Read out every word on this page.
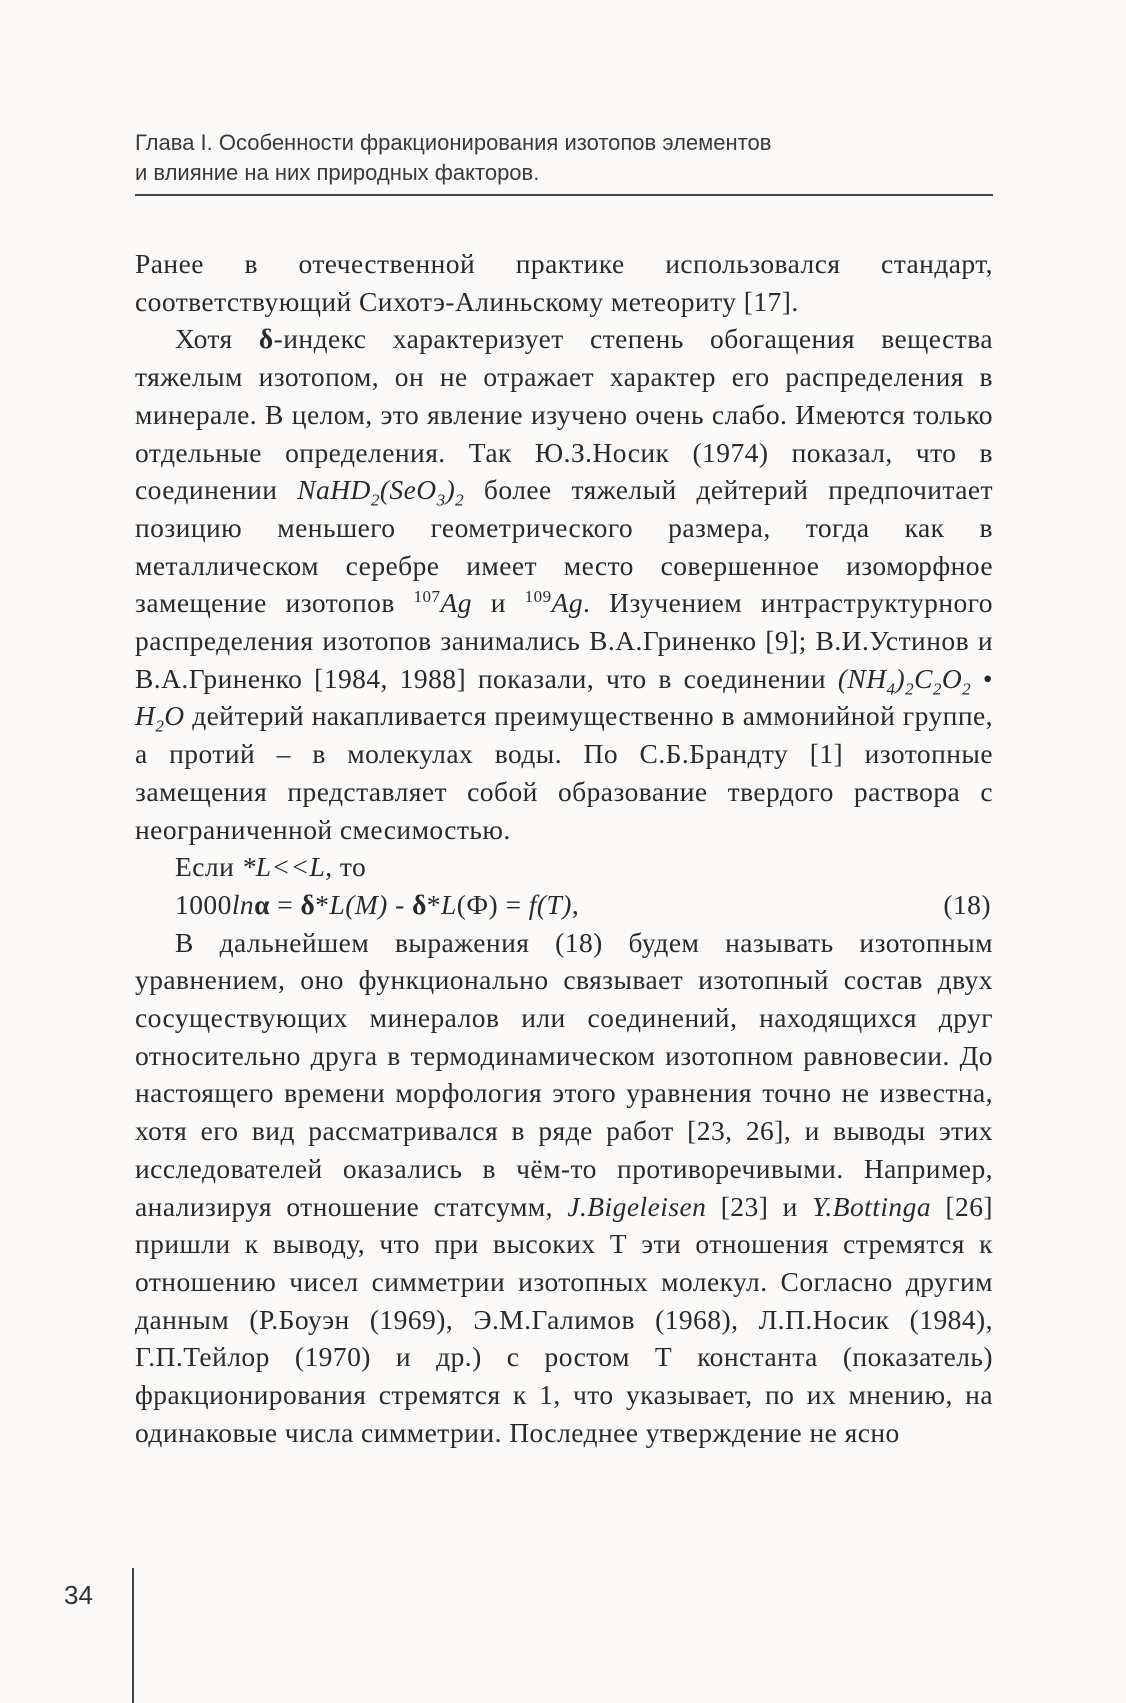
Глава I. Особенности фракционирования изотопов элементов
и влияние на них природных факторов.

Ранее в отечественной практике использовался стандарт, соответствующий Сихотэ-Алиньскому метеориту [17].

Хотя δ-индекс характеризует степень обогащения вещества тяжелым изотопом, он не отражает характер его распределения в минерале. В целом, это явление изучено очень слабо. Имеются только отдельные определения. Так Ю.З.Носик (1974) показал, что в соединении $NaHD_2(SeO_3)_2$ более тяжелый дейтерий предпочитает позицию меньшего геометрического размера, тогда как в металлическом серебре имеет место совершенное изоморфное замещение изотопов $^{107}$Ag и $^{109}$Ag. Изучением интраструктурного распределения изотопов занимались В.А.Гриненко [9]; В.И.Устинов и В.А.Гриненко [1984, 1988] показали, что в соединении $(NH_4)_2C_2O_2$ • $H_2O$ дейтерий накапливается преимущественно в аммонийной группе, а протий – в молекулах воды. По С.Б.Брандту [1] изотопные замещения представляет собой образование твердого раствора с неограниченной смесимостью.

Если *L<<L, то

1000lnα = δ*L(M) - δ*L(Ф) = f(T),	(18)

В дальнейшем выражения (18) будем называть изотопным уравнением, оно функционально связывает изотопный состав двух сосуществующих минералов или соединений, находящихся друг относительно друга в термодинамическом изотопном равновесии. До настоящего времени морфология этого уравнения точно не известна, хотя его вид рассматривался в ряде работ [23, 26], и выводы этих исследователей оказались в чём-то противоречивыми. Например, анализируя отношение статсумм, J.Bigeleisen [23] и Y.Bottinga [26] пришли к выводу, что при высоких Т эти отношения стремятся к отношению чисел симметрии изотопных молекул. Согласно другим данным (Р.Боуэн (1969), Э.М.Галимов (1968), Л.П.Носик (1984), Г.П.Тейлор (1970) и др.) с ростом Т константа (показатель) фракционирования стремятся к 1, что указывает, по их мнению, на одинаковые числа симметрии. Последнее утверждение не ясно

34
